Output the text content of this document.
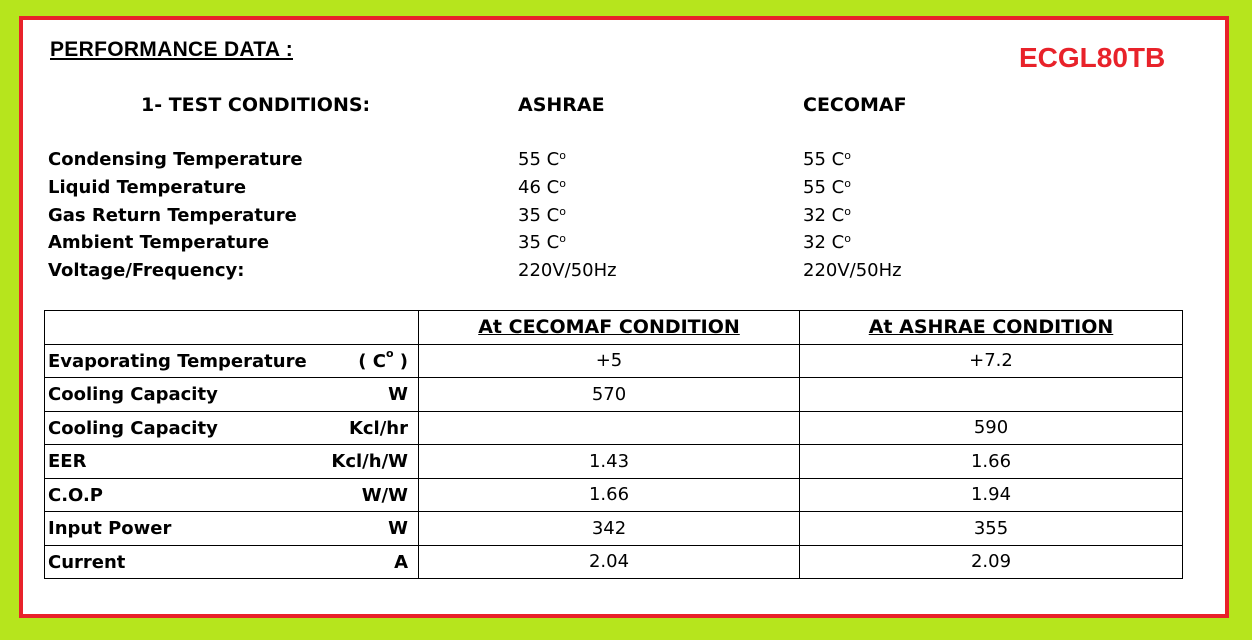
PERFORMANCE DATA :	ECGL80TB
1- TEST CONDITIONS:	ASHRAE	CECOMAF
Condensing Temperature	55 $C^o$	55 $C^o$
Liquid Temperature	46 $C^o$	55 $C^o$
Gas Return Temperature	35 $C^o$	32 $C^o$
Ambient Temperature	35 $C^o$	32 $C^o$
Voltage/Frequency:	220V/50Hz	220V/50Hz
	At CECOMAF CONDITION	At ASHRAE CONDITION

Evaporating Temperature ( $C^o$ )	+5	+7.2

Cooling Capacity W	570	

Cooling Capacity Kcl/hr		590

EER Kcl/h/W	1.43	1.66

C.O.P W/W	1.66	1.94

Input Power W	342	355

Current A	2.04	2.09
